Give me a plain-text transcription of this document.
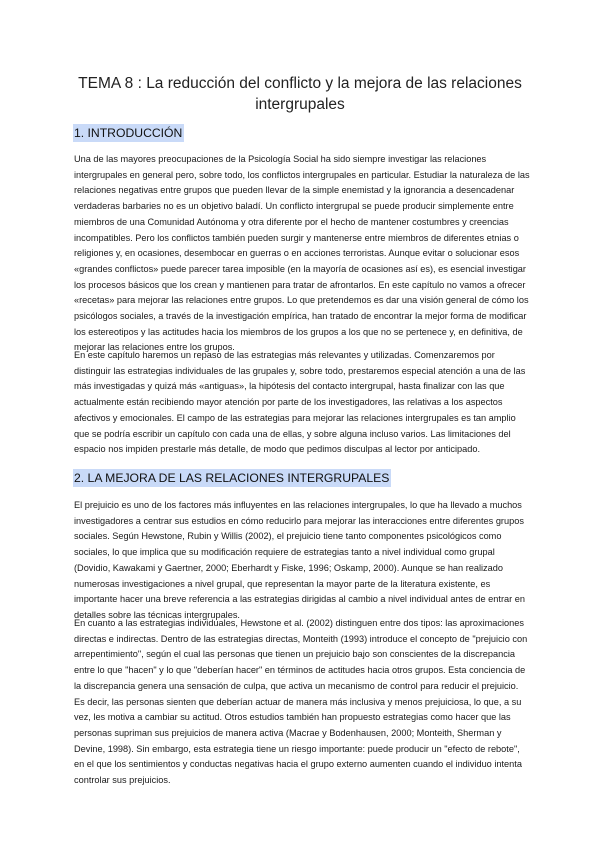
TEMA 8 : La reducción del conflicto y la mejora de las relaciones intergrupales
1. INTRODUCCIÓN

Una de las mayores preocupaciones de la Psicología Social ha sido siempre investigar las relaciones intergrupales en general pero, sobre todo, los conflictos intergrupales en particular. Estudiar la naturaleza de las relaciones negativas entre grupos que pueden llevar de la simple enemistad y la ignorancia a desencadenar verdaderas barbaries no es un objetivo baladí. Un conflicto intergrupal se puede producir simplemente entre miembros de una Comunidad Autónoma y otra diferente por el hecho de mantener costumbres y creencias incompatibles. Pero los conflictos también pueden surgir y mantenerse entre miembros de diferentes etnias o religiones y, en ocasiones, desembocar en guerras o en acciones terroristas. Aunque evitar o solucionar esos «grandes conflictos» puede parecer tarea imposible (en la mayoría de ocasiones así es), es esencial investigar los procesos básicos que los crean y mantienen para tratar de afrontarlos. En este capítulo no vamos a ofrecer «recetas» para mejorar las relaciones entre grupos. Lo que pretendemos es dar una visión general de cómo los psicólogos sociales, a través de la investigación empírica, han tratado de encontrar la mejor forma de modificar los estereotipos y las actitudes hacia los miembros de los grupos a los que no se pertenece y, en definitiva, de mejorar las relaciones entre los grupos.

En este capítulo haremos un repaso de las estrategias más relevantes y utilizadas. Comenzaremos por distinguir las estrategias individuales de las grupales y, sobre todo, prestaremos especial atención a una de las más investigadas y quizá más «antiguas», la hipótesis del contacto intergrupal, hasta finalizar con las que actualmente están recibiendo mayor atención por parte de los investigadores, las relativas a los aspectos afectivos y emocionales. El campo de las estrategias para mejorar las relaciones intergrupales es tan amplio que se podría escribir un capítulo con cada una de ellas, y sobre alguna incluso varios. Las limitaciones del espacio nos impiden prestarle más detalle, de modo que pedimos disculpas al lector por anticipado.

2. LA MEJORA DE LAS RELACIONES INTERGRUPALES

El prejuicio es uno de los factores más influyentes en las relaciones intergrupales, lo que ha llevado a muchos investigadores a centrar sus estudios en cómo reducirlo para mejorar las interacciones entre diferentes grupos sociales. Según Hewstone, Rubin y Willis (2002), el prejuicio tiene tanto componentes psicológicos como sociales, lo que implica que su modificación requiere de estrategias tanto a nivel individual como grupal (Dovidio, Kawakami y Gaertner, 2000; Eberhardt y Fiske, 1996; Oskamp, 2000). Aunque se han realizado numerosas investigaciones a nivel grupal, que representan la mayor parte de la literatura existente, es importante hacer una breve referencia a las estrategias dirigidas al cambio a nivel individual antes de entrar en detalles sobre las técnicas intergrupales.

En cuanto a las estrategias individuales, Hewstone et al. (2002) distinguen entre dos tipos: las aproximaciones directas e indirectas. Dentro de las estrategias directas, Monteith (1993) introduce el concepto de "prejuicio con arrepentimiento", según el cual las personas que tienen un prejuicio bajo son conscientes de la discrepancia entre lo que "hacen" y lo que "deberían hacer" en términos de actitudes hacia otros grupos. Esta conciencia de la discrepancia genera una sensación de culpa, que activa un mecanismo de control para reducir el prejuicio. Es decir, las personas sienten que deberían actuar de manera más inclusiva y menos prejuiciosa, lo que, a su vez, les motiva a cambiar su actitud. Otros estudios también han propuesto estrategias como hacer que las personas supriman sus prejuicios de manera activa (Macrae y Bodenhausen, 2000; Monteith, Sherman y Devine, 1998). Sin embargo, esta estrategia tiene un riesgo importante: puede producir un "efecto de rebote", en el que los sentimientos y conductas negativas hacia el grupo externo aumenten cuando el individuo intenta controlar sus prejuicios.
